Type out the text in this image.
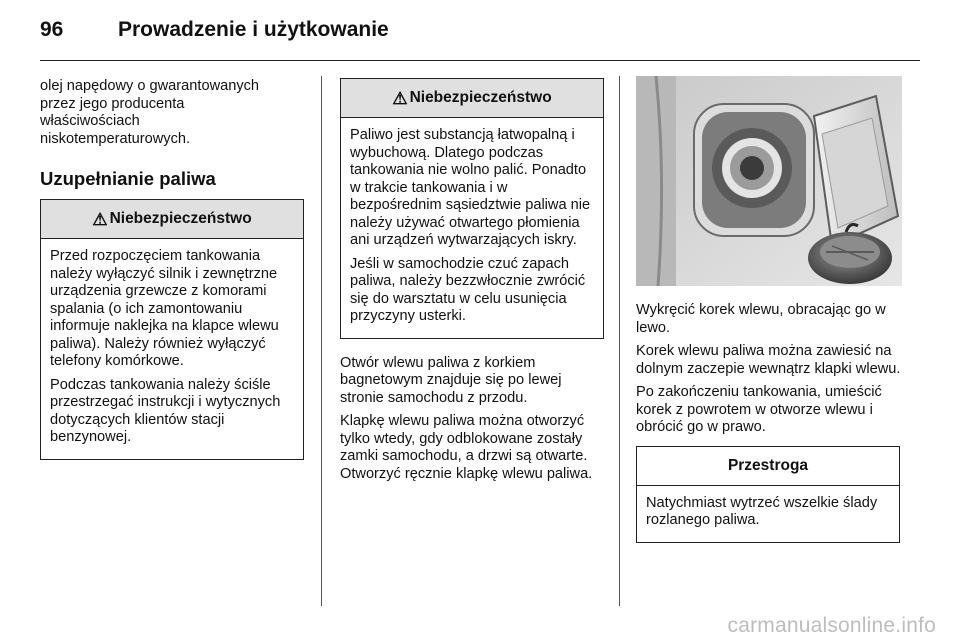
96	Prowadzenie i użytkowanie
olej napędowy o gwarantowanych
przez jego producenta
właściwościach
niskotemperaturowych.
Uzupełnianie paliwa
⚠ Niebezpieczeństwo

Przed rozpoczęciem tankowania należy wyłączyć silnik i zewnętrzne urządzenia grzewcze z komorami spalania (o ich zamontowaniu informuje naklejka na klapce wlewu paliwa). Należy również wyłączyć telefony komórkowe.

Podczas tankowania należy ściśle przestrzegać instrukcji i wytycznych dotyczących klientów stacji benzynowej.

⚠ Niebezpieczeństwo

Paliwo jest substancją łatwopalną i wybuchową. Dlatego podczas tankowania nie wolno palić. Ponadto w trakcie tankowania i w bezpośrednim sąsiedztwie paliwa nie należy używać otwartego płomienia ani urządzeń wytwarzających iskry.

Jeśli w samochodzie czuć zapach paliwa, należy bezzwłocznie zwrócić się do warsztatu w celu usunięcia przyczyny usterki.

Otwór wlewu paliwa z korkiem bagnetowym znajduje się po lewej stronie samochodu z przodu.

Klapkę wlewu paliwa można otworzyć tylko wtedy, gdy odblokowane zostały zamki samochodu, a drzwi są otwarte. Otworzyć ręcznie klapkę wlewu paliwa.

Wykręcić korek wlewu, obracając go w lewo.

Korek wlewu paliwa można zawiesić na dolnym zaczepie wewnątrz klapki wlewu.

Po zakończeniu tankowania, umieścić korek z powrotem w otworze wlewu i obrócić go w prawo.

Przestroga

Natychmiast wytrzeć wszelkie ślady rozlanego paliwa.

carmanualsonline.info
